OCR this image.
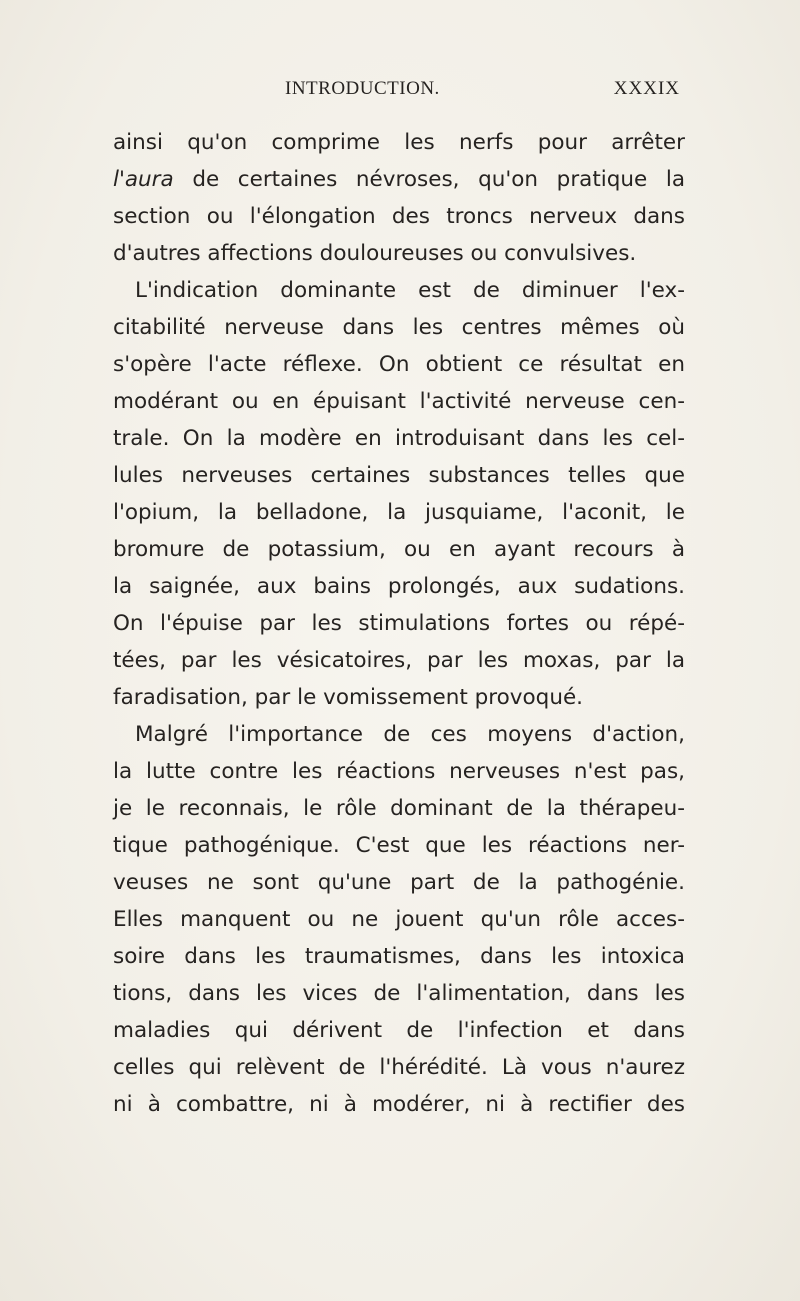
INTRODUCTION.	XXXIX
ainsi qu'on comprime les nerfs pour arrêter
l'aura de certaines névroses, qu'on pratique la
section ou l'élongation des troncs nerveux dans
d'autres affections douloureuses ou convulsives.
L'indication dominante est de diminuer l'ex-
citabilité nerveuse dans les centres mêmes où
s'opère l'acte réflexe. On obtient ce résultat en
modérant ou en épuisant l'activité nerveuse cen-
trale. On la modère en introduisant dans les cel-
lules nerveuses certaines substances telles que
l'opium, la belladone, la jusquiame, l'aconit, le
bromure de potassium, ou en ayant recours à
la saignée, aux bains prolongés, aux sudations.
On l'épuise par les stimulations fortes ou répé-
tées, par les vésicatoires, par les moxas, par la
faradisation, par le vomissement provoqué.
Malgré l'importance de ces moyens d'action,
la lutte contre les réactions nerveuses n'est pas,
je le reconnais, le rôle dominant de la thérapeu-
tique pathogénique. C'est que les réactions ner-
veuses ne sont qu'une part de la pathogénie.
Elles manquent ou ne jouent qu'un rôle acces-
soire dans les traumatismes, dans les intoxica
tions, dans les vices de l'alimentation, dans les
maladies qui dérivent de l'infection et dans
celles qui relèvent de l'hérédité. Là vous n'aurez
ni à combattre, ni à modérer, ni à rectifier des
